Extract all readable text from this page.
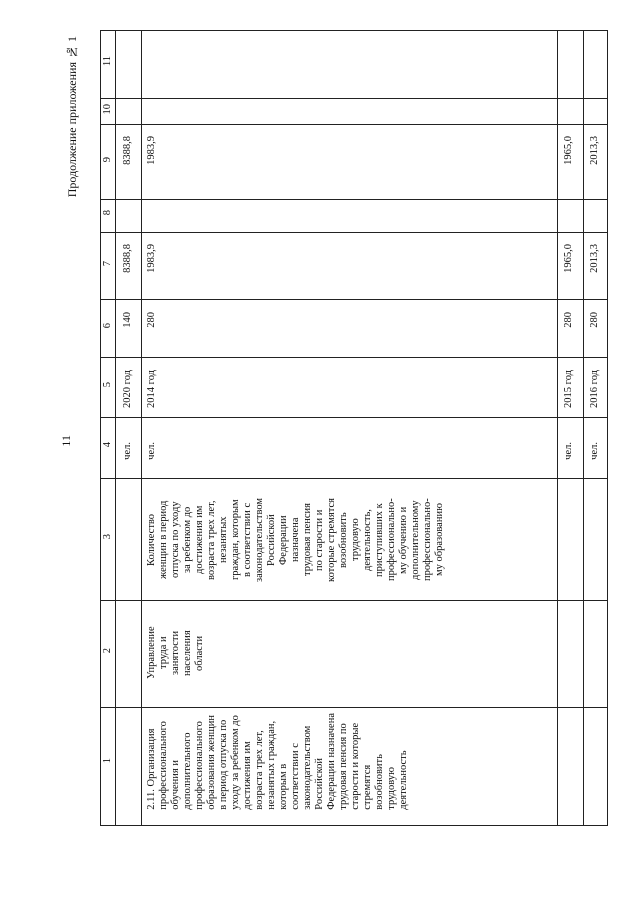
11
Продолжение приложения № 1
1
2
3
4
5
6
7
8
9
10
11
чел.
2020 год
140
8388,8
8388,8
2.11. Организация профессионального обучения и дополнительного профессионального образования женщин в период отпуска по уходу за ребенком до достижения им возраста трех лет, незанятых граждан, которым в соответствии с законодательством Российской Федерации назначена трудовая пенсия по старости и которые стремятся возобновить трудовую деятельность
Управление труда и занятости населения области
Количество женщин в период отпуска по уходу за ребенком до достижения им возраста трех лет, незанятых граждан, которым в соответствии с законодательством Российской Федерации назначена трудовая пенсия по старости и которые стремятся возобновить трудовую деятельность, приступивших к профессионально- му обучению и дополнительному профессионально- му образованию
чел.
2014 год
280
1983,9
1983,9
чел.
2015 год
280
1965,0
1965,0
чел.
2016 год
280
2013,3
2013,3
